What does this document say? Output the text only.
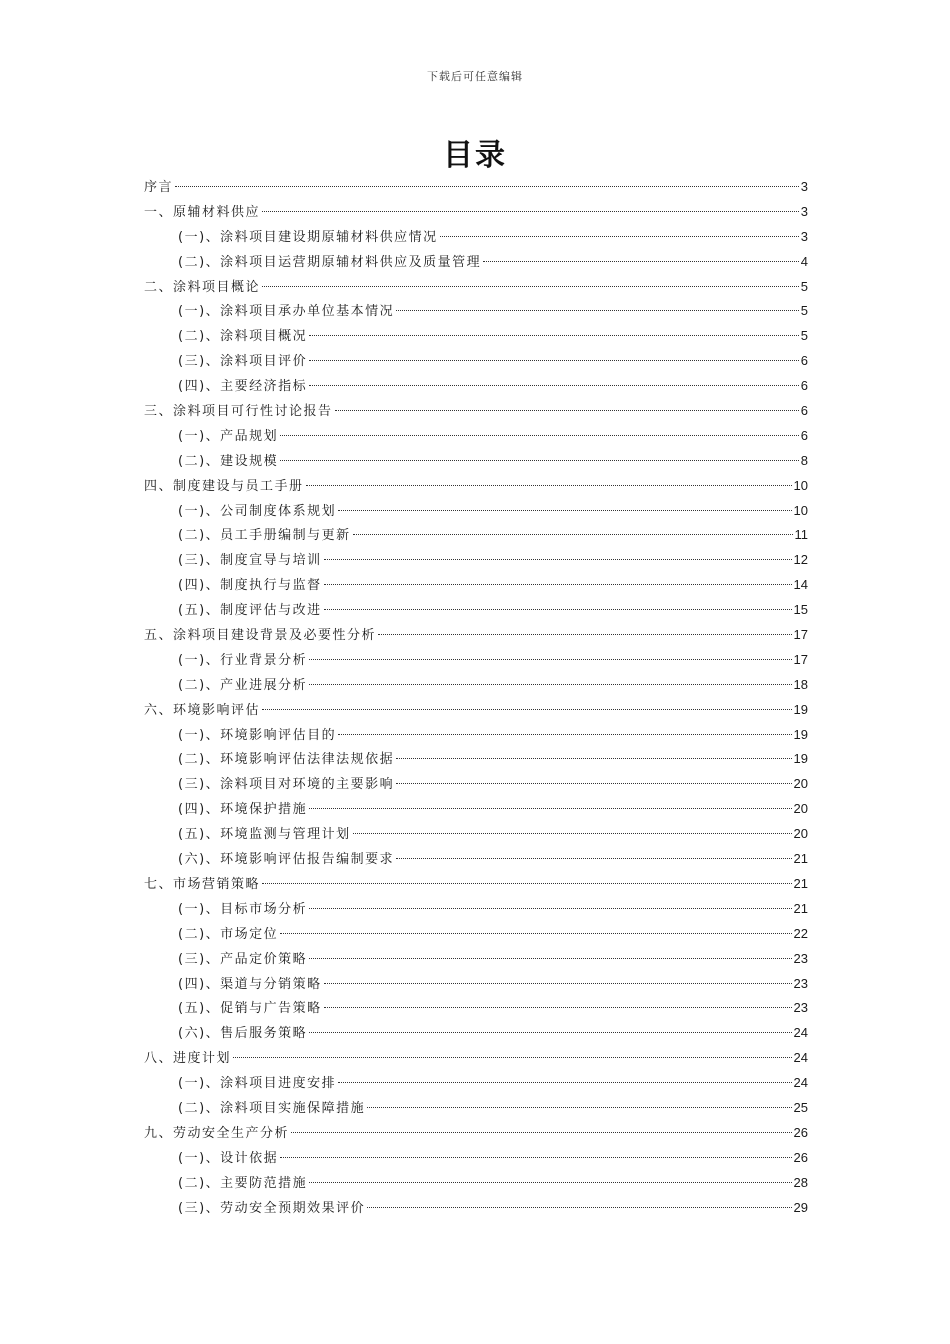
下载后可任意编辑
目录
序言	3
一、原辅材料供应	3
(一)、涂料项目建设期原辅材料供应情况	3
(二)、涂料项目运营期原辅材料供应及质量管理	4
二、涂料项目概论	5
(一)、涂料项目承办单位基本情况	5
(二)、涂料项目概况	5
(三)、涂料项目评价	6
(四)、主要经济指标	6
三、涂料项目可行性讨论报告	6
(一)、产品规划	6
(二)、建设规模	8
四、制度建设与员工手册	10
(一)、公司制度体系规划	10
(二)、员工手册编制与更新	11
(三)、制度宣导与培训	12
(四)、制度执行与监督	14
(五)、制度评估与改进	15
五、涂料项目建设背景及必要性分析	17
(一)、行业背景分析	17
(二)、产业进展分析	18
六、环境影响评估	19
(一)、环境影响评估目的	19
(二)、环境影响评估法律法规依据	19
(三)、涂料项目对环境的主要影响	20
(四)、环境保护措施	20
(五)、环境监测与管理计划	20
(六)、环境影响评估报告编制要求	21
七、市场营销策略	21
(一)、目标市场分析	21
(二)、市场定位	22
(三)、产品定价策略	23
(四)、渠道与分销策略	23
(五)、促销与广告策略	23
(六)、售后服务策略	24
八、进度计划	24
(一)、涂料项目进度安排	24
(二)、涂料项目实施保障措施	25
九、劳动安全生产分析	26
(一)、设计依据	26
(二)、主要防范措施	28
(三)、劳动安全预期效果评价	29
